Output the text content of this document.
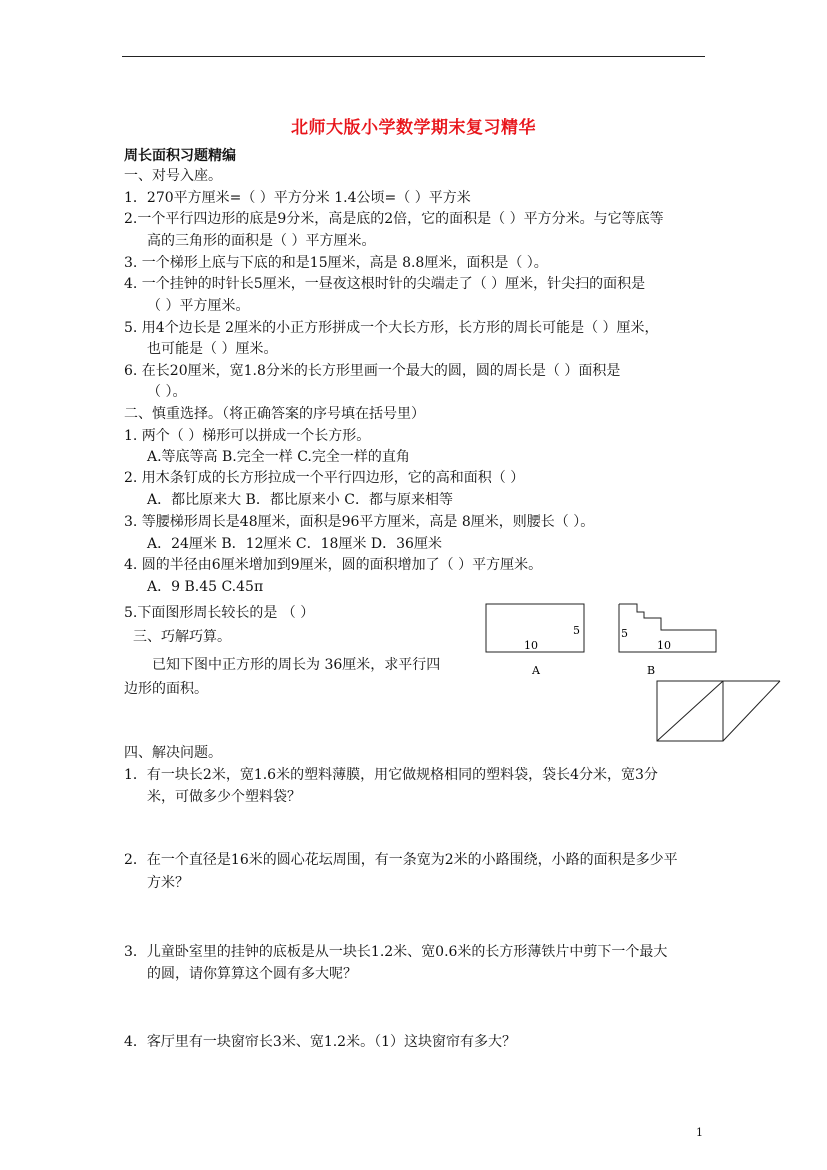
北师大版小学数学期末复习精华
周长面积习题精编
一、对号入座。
1．270平方厘米=（ ）平方分米 1.4公顷=（ ）平方米
2.一个平行四边形的底是9分米，高是底的2倍，它的面积是（ ）平方分米。与它等底等
高的三角形的面积是（ ）平方厘米。
3. 一个梯形上底与下底的和是15厘米，高是 8.8厘米，面积是（ ）。
4. 一个挂钟的时针长5厘米，一昼夜这根时针的尖端走了（ ）厘米，针尖扫的面积是
（ ）平方厘米。
5. 用4个边长是 2厘米的小正方形拼成一个大长方形，长方形的周长可能是（ ）厘米，
也可能是（ ）厘米。
6. 在长20厘米，宽1.8分米的长方形里画一个最大的圆，圆的周长是（ ）面积是
（ ）。
二、慎重选择。（将正确答案的序号填在括号里）
1. 两个（ ）梯形可以拼成一个长方形。
A.等底等高 B.完全一样 C.完全一样的直角
2. 用木条钉成的长方形拉成一个平行四边形，它的高和面积（ ）
A．都比原来大 B．都比原来小 C．都与原来相等
3. 等腰梯形周长是48厘米，面积是96平方厘米，高是 8厘米，则腰长（ ）。
A．24厘米 B．12厘米 C．18厘米 D．36厘米
4. 圆的半径由6厘米增加到9厘米，圆的面积增加了（ ）平方厘米。
A．9 B.45 C.45π
5.下面图形周长较长的是 （ ）
三、巧解巧算。
已知下图中正方形的周长为 36厘米，求平行四
边形的面积。
10
5
A
5
10
B
四、解决问题。
1．有一块长2米，宽1.6米的塑料薄膜，用它做规格相同的塑料袋，袋长4分米，宽3分
米，可做多少个塑料袋？
2．在一个直径是16米的圆心花坛周围，有一条宽为2米的小路围绕，小路的面积是多少平
方米？
3．儿童卧室里的挂钟的底板是从一块长1.2米、宽0.6米的长方形薄铁片中剪下一个最大
的圆，请你算算这个圆有多大呢？
4．客厅里有一块窗帘长3米、宽1.2米。（1）这块窗帘有多大？
1
